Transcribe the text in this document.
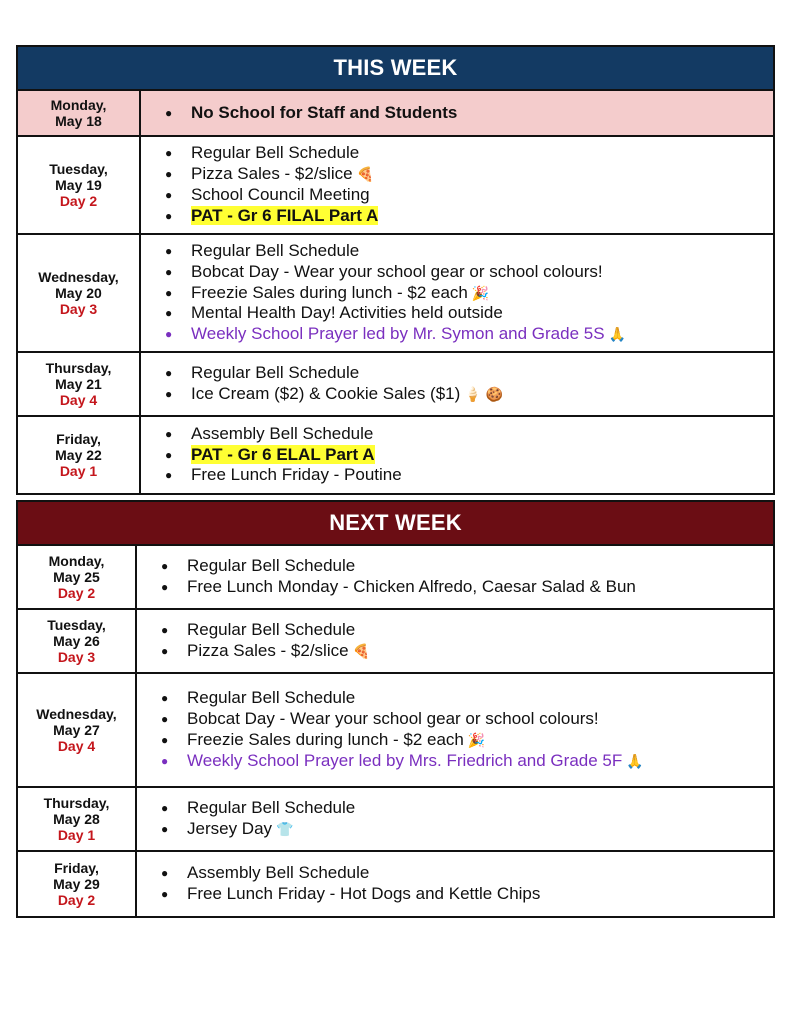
THIS WEEK
Monday,
May 18
●	No School for Staff and Students
Tuesday,
May 19
Day 2
● Regular Bell Schedule
● Pizza Sales - $2/slice 🍕
● School Council Meeting
● PAT - Gr 6 FILAL Part A
Wednesday,
May 20
Day 3
● Regular Bell Schedule
● Bobcat Day - Wear your school gear or school colours!
● Freezie Sales during lunch - $2 each 🎉
● Mental Health Day! Activities held outside
● Weekly School Prayer led by Mr. Symon and Grade 5S 🙏
Thursday,
May 21
Day 4
● Regular Bell Schedule
● Ice Cream ($2) & Cookie Sales ($1) 🍦 🍪
Friday,
May 22
Day 1
● Assembly Bell Schedule
● PAT - Gr 6 ELAL Part A
● Free Lunch Friday - Poutine
NEXT WEEK
Monday,
May 25
Day 2
● Regular Bell Schedule
● Free Lunch Monday - Chicken Alfredo, Caesar Salad & Bun
Tuesday,
May 26
Day 3
● Regular Bell Schedule
● Pizza Sales - $2/slice 🍕
Wednesday,
May 27
Day 4
● Regular Bell Schedule
● Bobcat Day - Wear your school gear or school colours!
● Freezie Sales during lunch - $2 each 🎉
● Weekly School Prayer led by Mrs. Friedrich and Grade 5F 🙏
Thursday,
May 28
Day 1
● Regular Bell Schedule
● Jersey Day 👕
Friday,
May 29
Day 2
● Assembly Bell Schedule
● Free Lunch Friday - Hot Dogs and Kettle Chips
